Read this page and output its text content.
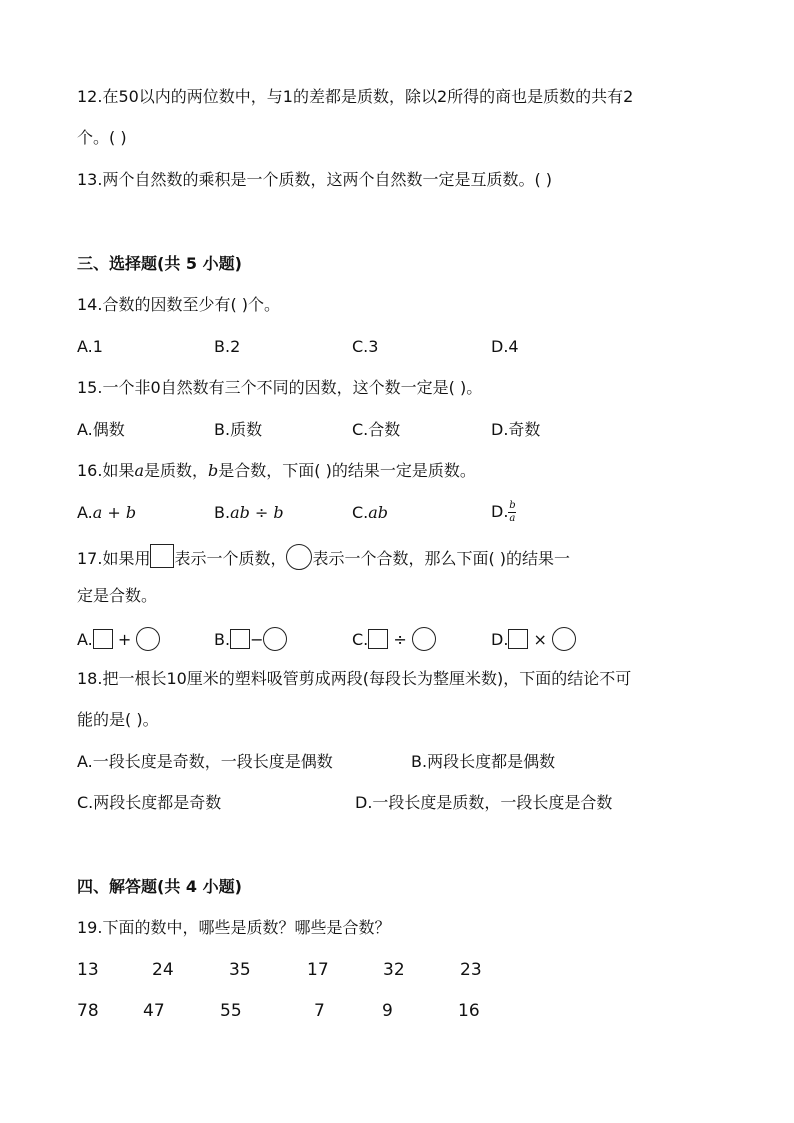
12.在50以内的两位数中，与1的差都是质数，除以2所得的商也是质数的共有2
个。( )
13.两个自然数的乘积是一个质数，这两个自然数一定是互质数。( )
三、选择题(共 5 小题)
14.合数的因数至少有( )个。
A.1	B.2	C.3	D.4
15.一个非0自然数有三个不同的因数，这个数一定是( )。
A.偶数	B.质数	C.合数	D.奇数
16.如果a是质数，b是合数，下面( )的结果一定是质数。
A.a + b	B.ab ÷ b	C.ab	D. $\frac{b}{a}$
17.如果用 表示一个质数， 表示一个合数，那么下面( )的结果一
定是合数。
A. +	B. −	C. ÷	D. ×
18.把一根长10厘米的塑料吸管剪成两段(每段长为整厘米数)，下面的结论不可
能的是( )。
A.一段长度是奇数，一段长度是偶数	B.两段长度都是偶数
C.两段长度都是奇数	D.一段长度是质数，一段长度是合数
四、解答题(共 4 小题)
19.下面的数中，哪些是质数？哪些是合数？
13	24	35	17	32	23
78	47	55	7	9	16
